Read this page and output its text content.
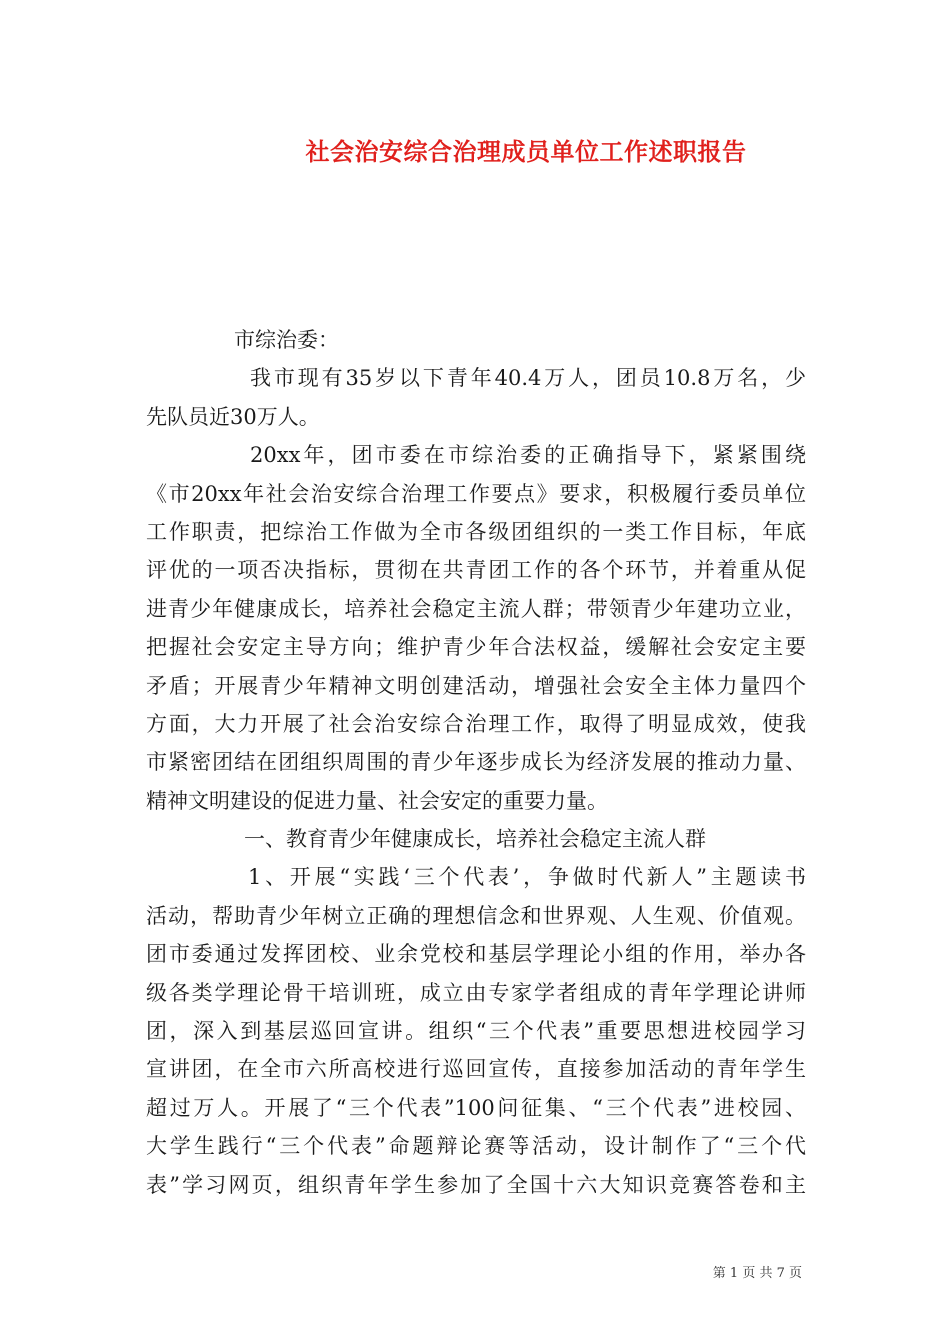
社会治安综合治理成员单位工作述职报告
市综治委：
我市现有35岁以下青年40.4万人，团员10.8万名，少
先队员近30万人。
20xx年，团市委在市综治委的正确指导下，紧紧围绕
《市20xx年社会治安综合治理工作要点》要求，积极履行委员单位
工作职责，把综治工作做为全市各级团组织的一类工作目标，年底
评优的一项否决指标，贯彻在共青团工作的各个环节，并着重从促
进青少年健康成长，培养社会稳定主流人群；带领青少年建功立业，
把握社会安定主导方向；维护青少年合法权益，缓解社会安定主要
矛盾；开展青少年精神文明创建活动，增强社会安全主体力量四个
方面，大力开展了社会治安综合治理工作，取得了明显成效，使我
市紧密团结在团组织周围的青少年逐步成长为经济发展的推动力量、
精神文明建设的促进力量、社会安定的重要力量。
一、教育青少年健康成长，培养社会稳定主流人群
1、开展“实践‘三个代表’，争做时代新人”主题读书
活动，帮助青少年树立正确的理想信念和世界观、人生观、价值观。
团市委通过发挥团校、业余党校和基层学理论小组的作用，举办各
级各类学理论骨干培训班，成立由专家学者组成的青年学理论讲师
团，深入到基层巡回宣讲。组织“三个代表”重要思想进校园学习
宣讲团，在全市六所高校进行巡回宣传，直接参加活动的青年学生
超过万人。开展了“三个代表”100问征集、“三个代表”进校园、
大学生践行“三个代表”命题辩论赛等活动，设计制作了“三个代
表”学习网页，组织青年学生参加了全国十六大知识竞赛答卷和主
第 1 页 共 7 页
